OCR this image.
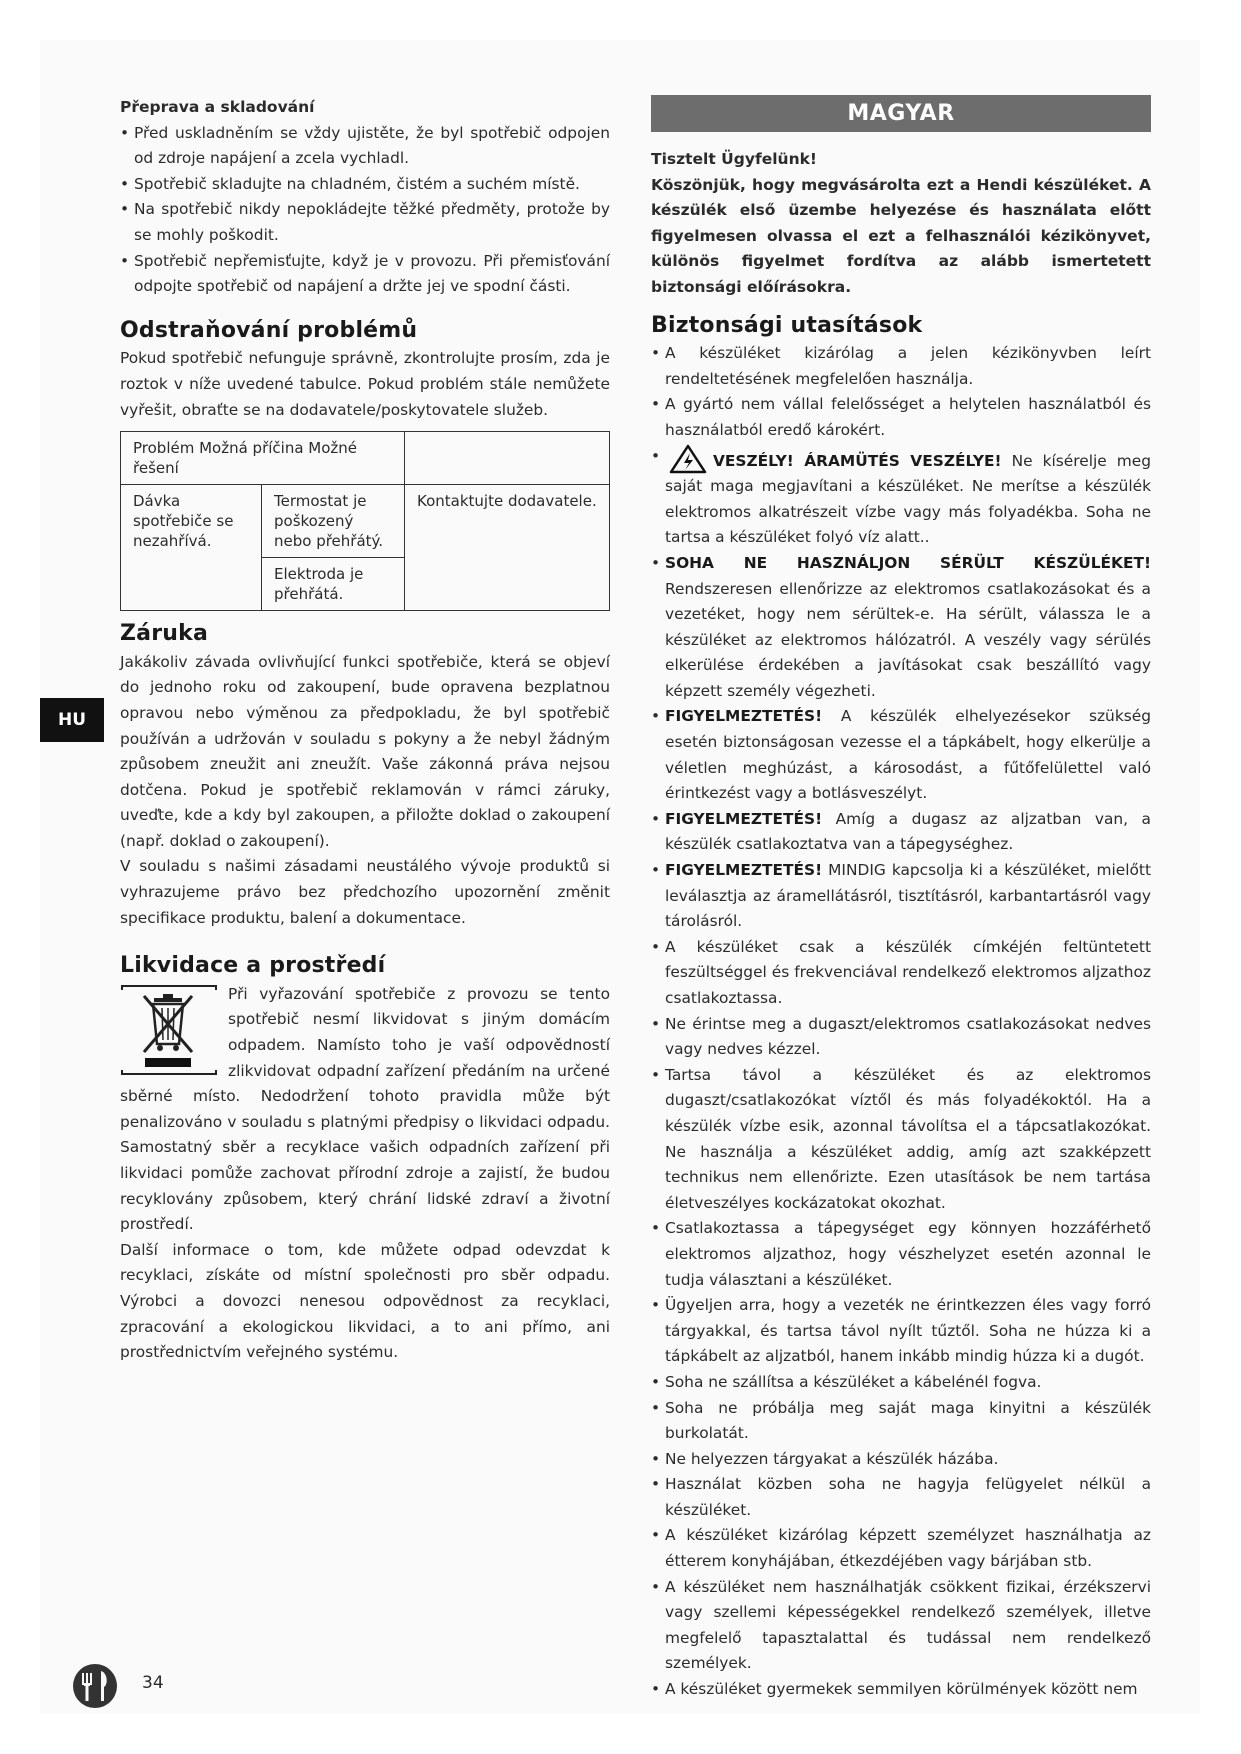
Přeprava a skladování

• Před uskladněním se vždy ujistěte, že byl spotřebič odpojen od zdroje napájení a zcela vychladl.
• Spotřebič skladujte na chladném, čistém a suchém místě.
• Na spotřebič nikdy nepokládejte těžké předměty, protože by se mohly poškodit.
• Spotřebič nepřemisťujte, když je v provozu. Při přemisťování odpojte spotřebič od napájení a držte jej ve spodní části.
Odstraňování problémů

Pokud spotřebič nefunguje správně, zkontrolujte prosím, zda je roztok v níže uvedené tabulce. Pokud problém stále nemůžete vyřešit, obraťte se na dodavatele/poskytovatele služeb.

Problém Možná příčina Možné řešení		
Dávka spotřebiče se nezahřívá.	Termostat je poškozený nebo přehřátý.	Kontaktujte dodavatele.
	Elektroda je přehřátá.	
Záruka

Jakákoliv závada ovlivňující funkci spotřebiče, která se objeví do jednoho roku od zakoupení, bude opravena bezplatnou opravou nebo výměnou za předpokladu, že byl spotřebič používán a udržován v souladu s pokyny a že nebyl žádným způsobem zneužit ani zneužít. Vaše zákonná práva nejsou dotčena. Pokud je spotřebič reklamován v rámci záruky, uveďte, kde a kdy byl zakoupen, a přiložte doklad o zakoupení (např. doklad o zakoupení).

V souladu s našimi zásadami neustálého vývoje produktů si vyhrazujeme právo bez předchozího upozornění změnit specifikace produktu, balení a dokumentace.

Likvidace a prostředí

Při vyřazování spotřebiče z provozu se tento spotřebič nesmí likvidovat s jiným domácím odpadem. Namísto toho je vaší odpovědností zlikvidovat odpadní zařízení předáním na určené sběrné místo. Nedodržení tohoto pravidla může být penalizováno v souladu s platnými předpisy o likvidaci odpadu. Samostatný sběr a recyklace vašich odpadních zařízení při likvidaci pomůže zachovat přírodní zdroje a zajistí, že budou recyklovány způsobem, který chrání lidské zdraví a životní prostředí.

Další informace o tom, kde můžete odpad odevzdat k recyklaci, získáte od místní společnosti pro sběr odpadu. Výrobci a dovozci nenesou odpovědnost za recyklaci, zpracování a ekologickou likvidaci, a to ani přímo, ani prostřednictvím veřejného systému.

MAGYAR

Tisztelt Ügyfelünk!

Köszönjük, hogy megvásárolta ezt a Hendi készüléket. A készülék első üzembe helyezése és használata előtt figyelmesen olvassa el ezt a felhasználói kézikönyvet, különös figyelmet fordítva az alább ismertetett biztonsági előírásokra.

Biztonsági utasítások
• A készüléket kizárólag a jelen kézikönyvben leírt rendeltetésének megfelelően használja.
• A gyártó nem vállal felelősséget a helytelen használatból és használatból eredő károkért.
• VESZÉLY! ÁRAMÜTÉS VESZÉLYE! Ne kísérelje meg saját maga megjavítani a készüléket. Ne merítse a készülék elektromos alkatrészeit vízbe vagy más folyadékba. Soha ne tartsa a készüléket folyó víz alatt..
• SOHA NE HASZNÁLJON SÉRÜLT KÉSZÜLÉKET! Rendszeresen ellenőrizze az elektromos csatlakozásokat és a vezetéket, hogy nem sérültek-e. Ha sérült, válassza le a készüléket az elektromos hálózatról. A veszély vagy sérülés elkerülése érdekében a javításokat csak beszállító vagy képzett személy végezheti.
• FIGYELMEZTETÉS! A készülék elhelyezésekor szükség esetén biztonságosan vezesse el a tápkábelt, hogy elkerülje a véletlen meghúzást, a károsodást, a fűtőfelülettel való érintkezést vagy a botlásveszélyt.
• FIGYELMEZTETÉS! Amíg a dugasz az aljzatban van, a készülék csatlakoztatva van a tápegységhez.
• FIGYELMEZTETÉS! MINDIG kapcsolja ki a készüléket, mielőtt leválasztja az áramellátásról, tisztításról, karbantartásról vagy tárolásról.
• A készüléket csak a készülék címkéjén feltüntetett feszültséggel és frekvenciával rendelkező elektromos aljzathoz csatlakoztassa.
• Ne érintse meg a dugaszt/elektromos csatlakozásokat nedves vagy nedves kézzel.
• Tartsa távol a készüléket és az elektromos dugaszt/csatlakozókat víztől és más folyadékoktól. Ha a készülék vízbe esik, azonnal távolítsa el a tápcsatlakozókat. Ne használja a készüléket addig, amíg azt szakképzett technikus nem ellenőrizte. Ezen utasítások be nem tartása életveszélyes kockázatokat okozhat.
• Csatlakoztassa a tápegységet egy könnyen hozzáférhető elektromos aljzathoz, hogy vészhelyzet esetén azonnal le tudja választani a készüléket.
• Ügyeljen arra, hogy a vezeték ne érintkezzen éles vagy forró tárgyakkal, és tartsa távol nyílt tűztől. Soha ne húzza ki a tápkábelt az aljzatból, hanem inkább mindig húzza ki a dugót.
• Soha ne szállítsa a készüléket a kábelénél fogva.
• Soha ne próbálja meg saját maga kinyitni a készülék burkolatát.
• Ne helyezzen tárgyakat a készülék házába.
• Használat közben soha ne hagyja felügyelet nélkül a készüléket.
• A készüléket kizárólag képzett személyzet használhatja az étterem konyhájában, étkezdéjében vagy bárjában stb.
• A készüléket nem használhatják csökkent fizikai, érzékszervi vagy szellemi képességekkel rendelkező személyek, illetve megfelelő tapasztalattal és tudással nem rendelkező személyek.
• A készüléket gyermekek semmilyen körülmények között nem
HU
34
